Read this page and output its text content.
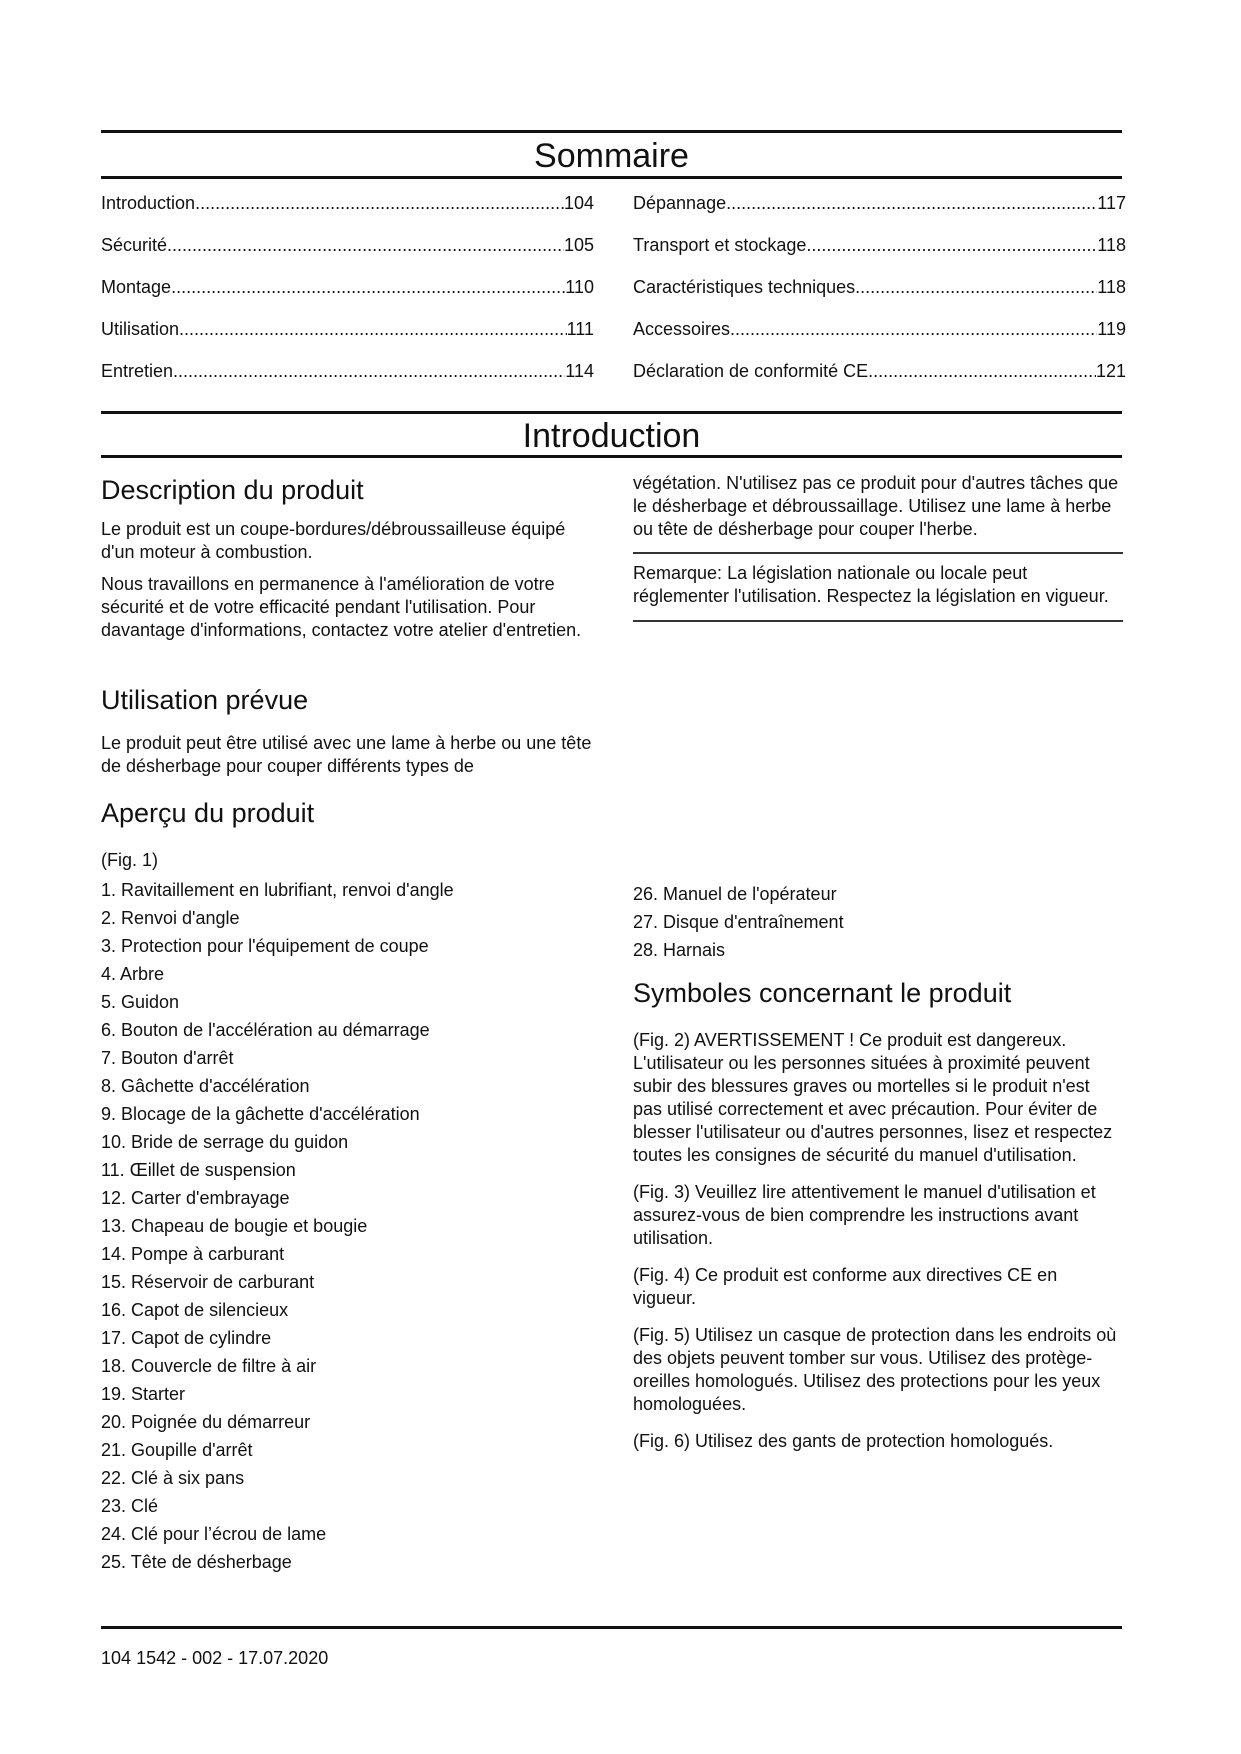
Sommaire
Introduction .....	104
Sécurité .....	105
Montage .....	110
Utilisation .....	111
Entretien .....	114
Dépannage .....	117
Transport et stockage .....	118
Caractéristiques techniques .....	118
Accessoires .....	119
Déclaration de conformité CE .....	121
Introduction
Description du produit

Le produit est un coupe-bordures/débroussailleuse équipé d'un moteur à combustion.

Nous travaillons en permanence à l'amélioration de votre sécurité et de votre efficacité pendant l'utilisation. Pour davantage d'informations, contactez votre atelier d'entretien.

Utilisation prévue

Le produit peut être utilisé avec une lame à herbe ou une tête de désherbage pour couper différents types de

végétation. N'utilisez pas ce produit pour d'autres tâches que le désherbage et débroussaillage. Utilisez une lame à herbe ou tête de désherbage pour couper l'herbe.

Remarque: La législation nationale ou locale peut réglementer l'utilisation. Respectez la législation en vigueur.

Aperçu du produit

(Fig. 1)

1. Ravitaillement en lubrifiant, renvoi d'angle
2. Renvoi d'angle
3. Protection pour l'équipement de coupe
4. Arbre
5. Guidon
6. Bouton de l'accélération au démarrage
7. Bouton d'arrêt
8. Gâchette d'accélération
9. Blocage de la gâchette d'accélération
10. Bride de serrage du guidon
11. Œillet de suspension
12. Carter d'embrayage
13. Chapeau de bougie et bougie
14. Pompe à carburant
15. Réservoir de carburant
16. Capot de silencieux
17. Capot de cylindre
18. Couvercle de filtre à air
19. Starter
20. Poignée du démarreur
21. Goupille d'arrêt
22. Clé à six pans
23. Clé
24. Clé pour l’écrou de lame
25. Tête de désherbage
26. Manuel de l'opérateur
27. Disque d'entraînement
28. Harnais
Symboles concernant le produit

(Fig. 2) AVERTISSEMENT ! Ce produit est dangereux. L'utilisateur ou les personnes situées à proximité peuvent subir des blessures graves ou mortelles si le produit n'est pas utilisé correctement et avec précaution. Pour éviter de blesser l'utilisateur ou d'autres personnes, lisez et respectez toutes les consignes de sécurité du manuel d'utilisation.

(Fig. 3) Veuillez lire attentivement le manuel d'utilisation et assurez-vous de bien comprendre les instructions avant utilisation.

(Fig. 4) Ce produit est conforme aux directives CE en vigueur.

(Fig. 5) Utilisez un casque de protection dans les endroits où des objets peuvent tomber sur vous. Utilisez des protège-oreilles homologués. Utilisez des protections pour les yeux homologuées.

(Fig. 6) Utilisez des gants de protection homologués.

104 1542 - 002 - 17.07.2020
